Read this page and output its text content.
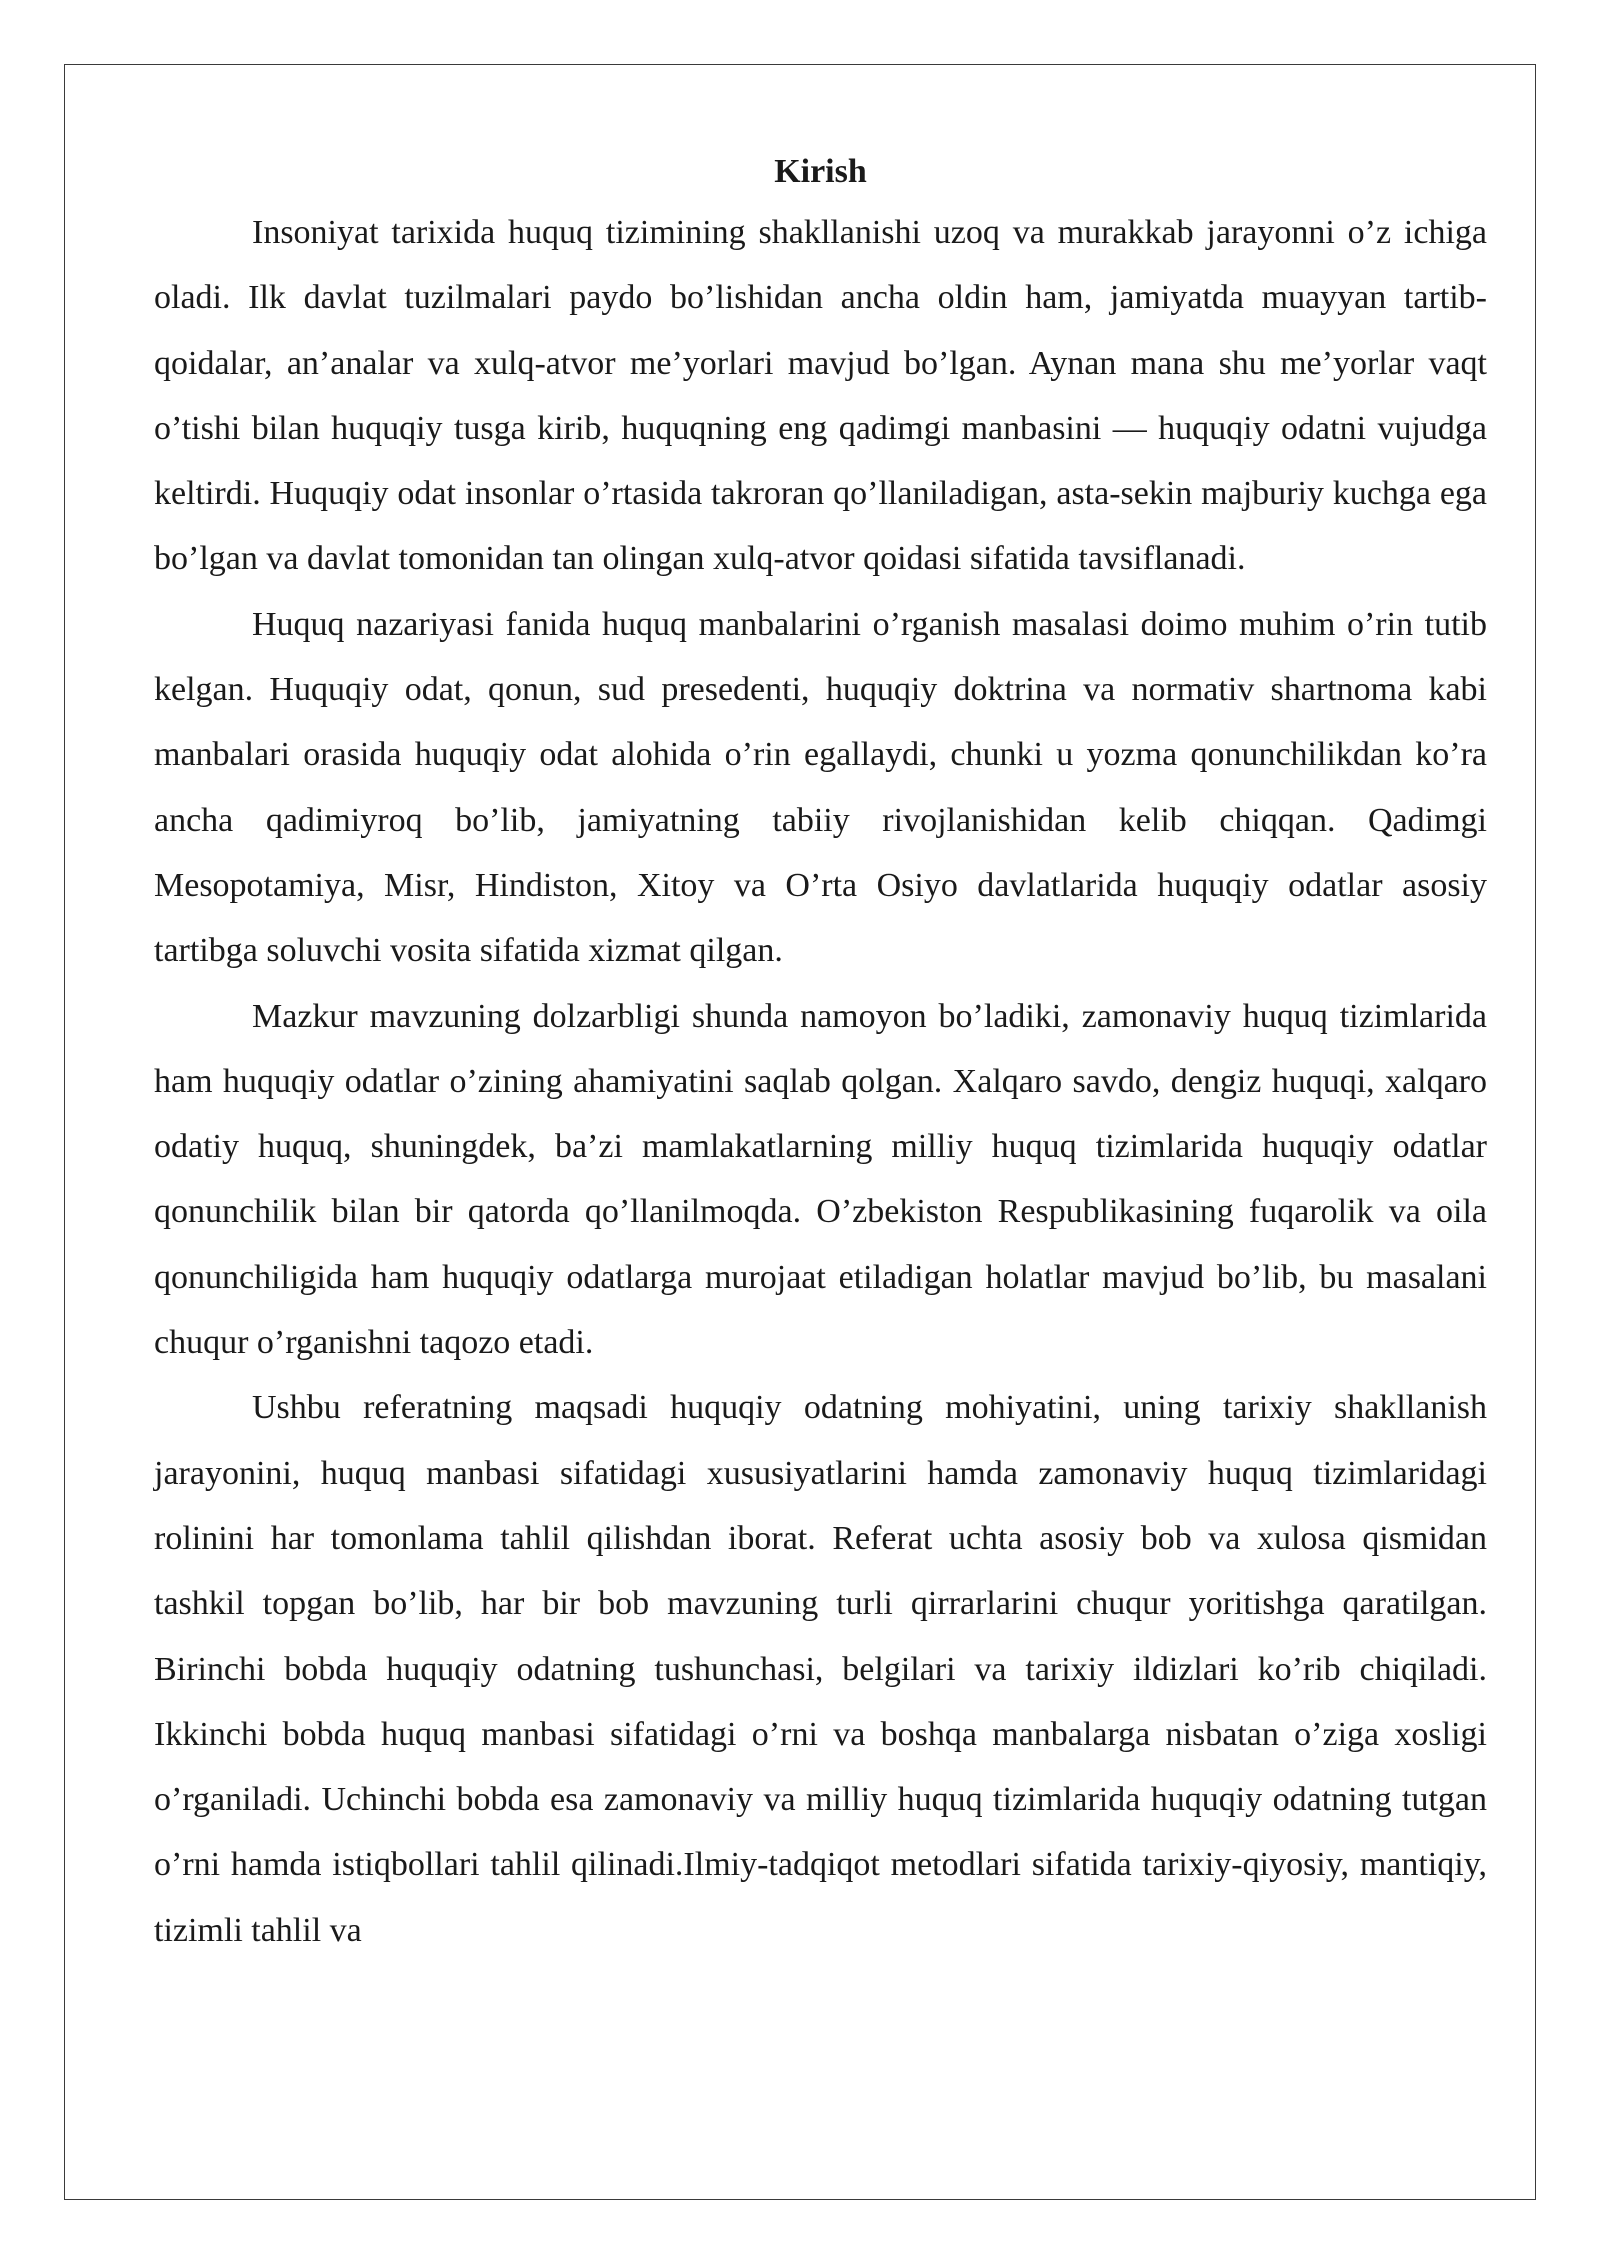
Kirish

Insoniyat tarixida huquq tizimining shakllanishi uzoq va murakkab jarayonni o’z ichiga oladi. Ilk davlat tuzilmalari paydo bo’lishidan ancha oldin ham, jamiyatda muayyan tartib-qoidalar, an’analar va xulq-atvor me’yorlari mavjud bo’lgan. Aynan mana shu me’yorlar vaqt o’tishi bilan huquqiy tusga kirib, huquqning eng qadimgi manbasini — huquqiy odatni vujudga keltirdi. Huquqiy odat insonlar o’rtasida takroran qo’llaniladigan, asta-sekin majburiy kuchga ega bo’lgan va davlat tomonidan tan olingan xulq-atvor qoidasi sifatida tavsiflanadi.

Huquq nazariyasi fanida huquq manbalarini o’rganish masalasi doimo muhim o’rin tutib kelgan. Huquqiy odat, qonun, sud presedenti, huquqiy doktrina va normativ shartnoma kabi manbalari orasida huquqiy odat alohida o’rin egallaydi, chunki u yozma qonunchilikdan ko’ra ancha qadimiyroq bo’lib, jamiyatning tabiiy rivojlanishidan kelib chiqqan. Qadimgi Mesopotamiya, Misr, Hindiston, Xitoy va O’rta Osiyo davlatlarida huquqiy odatlar asosiy tartibga soluvchi vosita sifatida xizmat qilgan.

Mazkur mavzuning dolzarbligi shunda namoyon bo’ladiki, zamonaviy huquq tizimlarida ham huquqiy odatlar o’zining ahamiyatini saqlab qolgan. Xalqaro savdo, dengiz huquqi, xalqaro odatiy huquq, shuningdek, ba’zi mamlakatlarning milliy huquq tizimlarida huquqiy odatlar qonunchilik bilan bir qatorda qo’llanilmoqda. O’zbekiston Respublikasining fuqarolik va oila qonunchiligida ham huquqiy odatlarga murojaat etiladigan holatlar mavjud bo’lib, bu masalani chuqur o’rganishni taqozo etadi.

Ushbu referatning maqsadi huquqiy odatning mohiyatini, uning tarixiy shakllanish jarayonini, huquq manbasi sifatidagi xususiyatlarini hamda zamonaviy huquq tizimlaridagi rolinini har tomonlama tahlil qilishdan iborat. Referat uchta asosiy bob va xulosa qismidan tashkil topgan bo’lib, har bir bob mavzuning turli qirrarlarini chuqur yoritishga qaratilgan. Birinchi bobda huquqiy odatning tushunchasi, belgilari va tarixiy ildizlari ko’rib chiqiladi. Ikkinchi bobda huquq manbasi sifatidagi o’rni va boshqa manbalarga nisbatan o’ziga xosligi o’rganiladi. Uchinchi bobda esa zamonaviy va milliy huquq tizimlarida huquqiy odatning tutgan o’rni hamda istiqbollari tahlil qilinadi.Ilmiy-tadqiqot metodlari sifatida tarixiy-qiyosiy, mantiqiy, tizimli tahlil va
